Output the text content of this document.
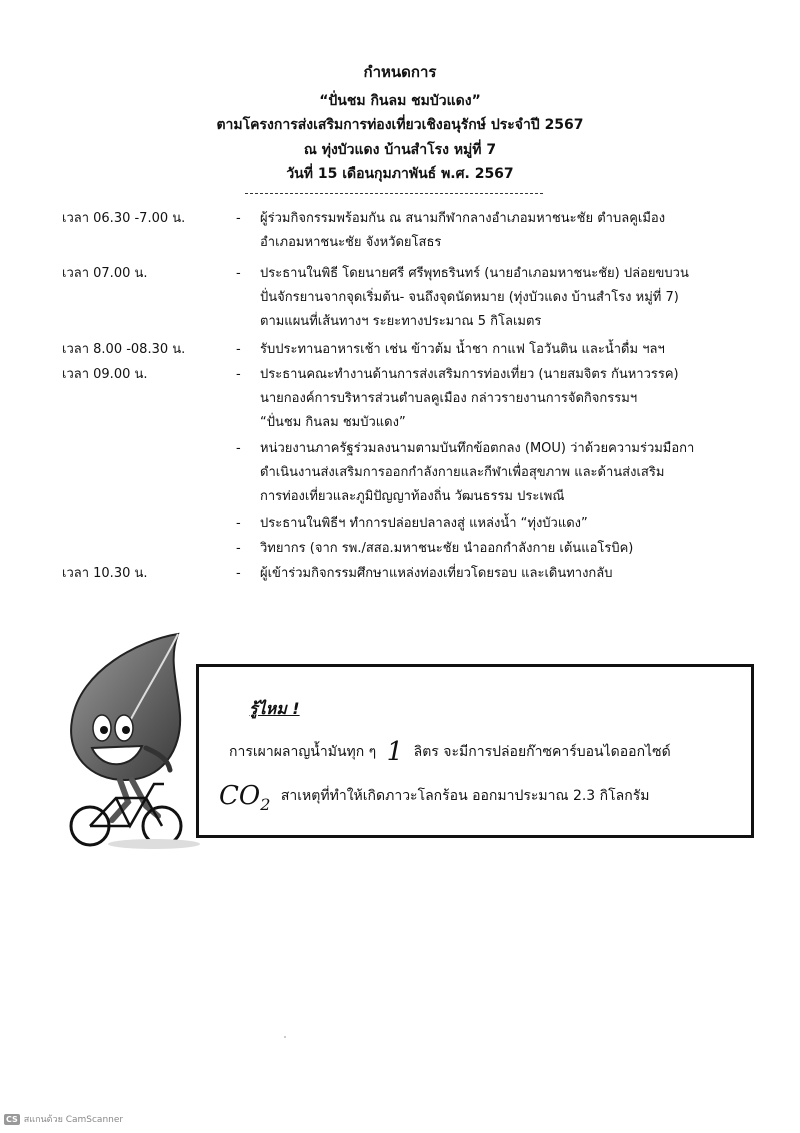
กำหนดการ
“ปั่นชม กินลม ชมบัวแดง”
ตามโครงการส่งเสริมการท่องเที่ยวเชิงอนุรักษ์ ประจำปี 2567
ณ ทุ่งบัวแดง บ้านสำโรง หมู่ที่ 7
วันที่ 15 เดือนกุมภาพันธ์ พ.ศ. 2567
เวลา 06.30 -7.00 น.	- ผู้ร่วมกิจกรรมพร้อมกัน ณ สนามกีฬากลางอำเภอมหาชนะชัย ตำบลคูเมือง
อำเภอมหาชนะชัย จังหวัดยโสธร
เวลา 07.00 น.	- ประธานในพิธี โดยนายศรี ศรีพุทธรินทร์ (นายอำเภอมหาชนะชัย) ปล่อยขบวน
ปั่นจักรยานจากจุดเริ่มต้น- จนถึงจุดนัดหมาย (ทุ่งบัวแดง บ้านสำโรง หมู่ที่ 7)
ตามแผนที่เส้นทางฯ ระยะทางประมาณ 5 กิโลเมตร
เวลา 8.00 -08.30 น.	- รับประทานอาหารเช้า เช่น ข้าวต้ม น้ำชา กาแฟ โอวันติน และน้ำดื่ม ฯลฯ
เวลา 09.00 น.	- ประธานคณะทำงานด้านการส่งเสริมการท่องเที่ยว (นายสมจิตร กันหาวรรค)
นายกองค์การบริหารส่วนตำบลคูเมือง กล่าวรายงานการจัดกิจกรรมฯ
“ปั่นชม กินลม ชมบัวแดง”
- หน่วยงานภาครัฐร่วมลงนามตามบันทึกข้อตกลง (MOU) ว่าด้วยความร่วมมือกา
ดำเนินงานส่งเสริมการออกกำลังกายและกีฬาเพื่อสุขภาพ และด้านส่งเสริม
การท่องเที่ยวและภูมิปัญญาท้องถิ่น วัฒนธรรม ประเพณี
- ประธานในพิธีฯ ทำการปล่อยปลาลงสู่ แหล่งน้ำ “ทุ่งบัวแดง”
- วิทยากร (จาก รพ./สสอ.มหาชนะชัย นำออกกำลังกาย เต้นแอโรบิค)
เวลา 10.30 น.	- ผู้เข้าร่วมกิจกรรมศึกษาแหล่งท่องเที่ยวโดยรอบ และเดินทางกลับ
รู้ไหม !
การเผาผลาญน้ำมันทุก ๆ 1 ลิตร จะมีการปล่อยก๊าซคาร์บอนไดออกไซด์
$CO_2$ สาเหตุที่ทำให้เกิดภาวะโลกร้อน ออกมาประมาณ 2.3 กิโลกรัม
CS สแกนด้วย CamScanner
